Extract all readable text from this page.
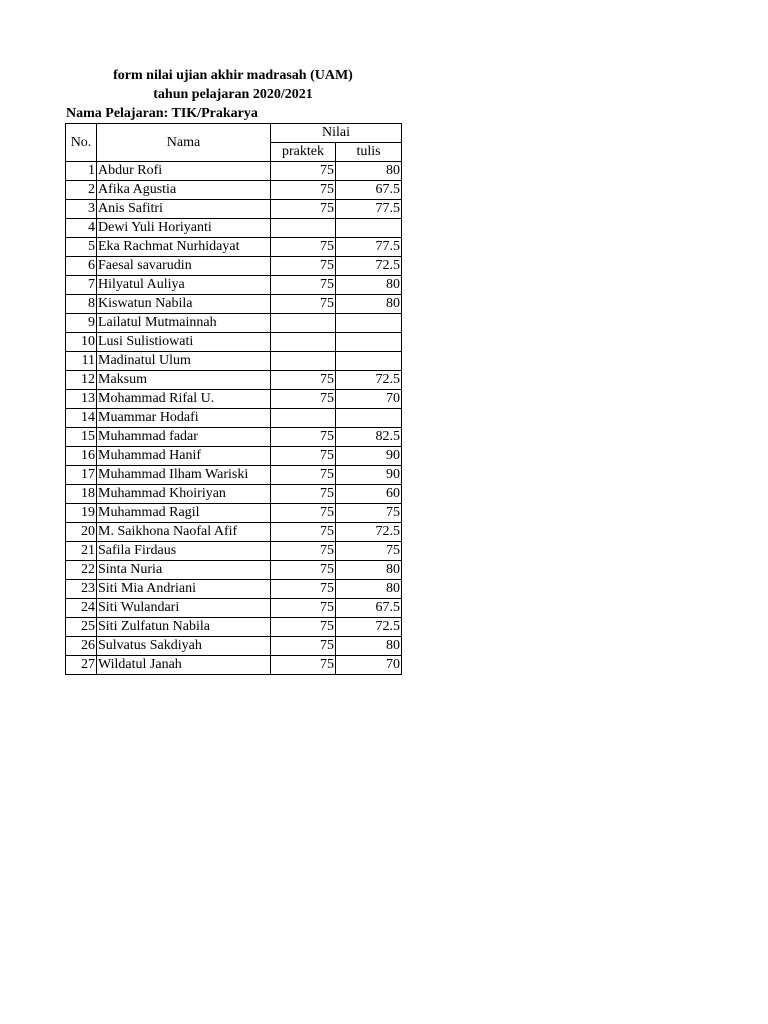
form nilai ujian akhir madrasah (UAM)
tahun pelajaran 2020/2021
Nama Pelajaran: TIK/Prakarya
No.	Nama	Nilai	
		praktek	tulis
1	Abdur Rofi	75	80
2	Afika Agustia	75	67.5
3	Anis Safitri	75	77.5
4	Dewi Yuli Horiyanti		
5	Eka Rachmat Nurhidayat	75	77.5
6	Faesal savarudin	75	72.5
7	Hilyatul Auliya	75	80
8	Kiswatun Nabila	75	80
9	Lailatul Mutmainnah		
10	Lusi Sulistiowati		
11	Madinatul Ulum		
12	Maksum	75	72.5
13	Mohammad Rifal U.	75	70
14	Muammar Hodafi		
15	Muhammad fadar	75	82.5
16	Muhammad Hanif	75	90
17	Muhammad Ilham Wariski	75	90
18	Muhammad Khoiriyan	75	60
19	Muhammad Ragil	75	75
20	M. Saikhona Naofal Afif	75	72.5
21	Safila Firdaus	75	75
22	Sinta Nuria	75	80
23	Siti Mia Andriani	75	80
24	Siti Wulandari	75	67.5
25	Siti Zulfatun Nabila	75	72.5
26	Sulvatus Sakdiyah	75	80
27	Wildatul Janah	75	70
